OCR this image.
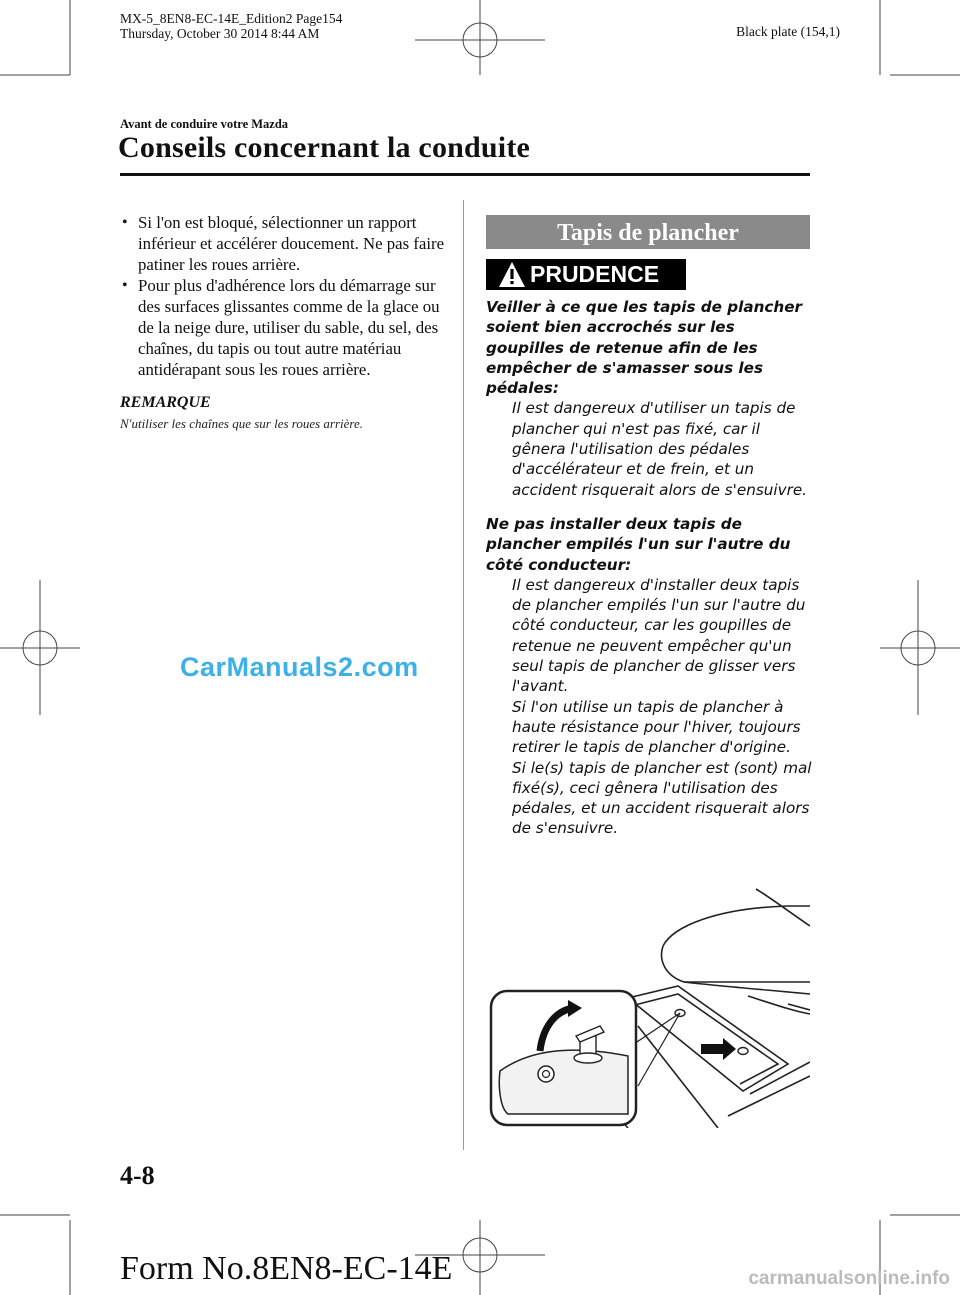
MX-5_8EN8-EC-14E_Edition2 Page154
Thursday, October 30 2014 8:44 AM	Black plate (154,1)
Avant de conduire votre Mazda
Conseils concernant la conduite
• Si l'on est bloqué, sélectionner un rapport inférieur et accélérer doucement. Ne pas faire patiner les roues arrière.
• Pour plus d'adhérence lors du démarrage sur des surfaces glissantes comme de la glace ou de la neige dure, utiliser du sable, du sel, des chaînes, du tapis ou tout autre matériau antidérapant sous les roues arrière.
REMARQUE
N'utiliser les chaînes que sur les roues arrière.
CarManuals2.com
Tapis de plancher
PRUDENCE

Veiller à ce que les tapis de plancher soient bien accrochés sur les goupilles de retenue afin de les empêcher de s'amasser sous les pédales:

Il est dangereux d'utiliser un tapis de plancher qui n'est pas fixé, car il gênera l'utilisation des pédales d'accélérateur et de frein, et un accident risquerait alors de s'ensuivre.

Ne pas installer deux tapis de plancher empilés l'un sur l'autre du côté conducteur:

Il est dangereux d'installer deux tapis de plancher empilés l'un sur l'autre du côté conducteur, car les goupilles de retenue ne peuvent empêcher qu'un seul tapis de plancher de glisser vers l'avant.

Si l'on utilise un tapis de plancher à haute résistance pour l'hiver, toujours retirer le tapis de plancher d'origine.

Si le(s) tapis de plancher est (sont) mal fixé(s), ceci gênera l'utilisation des pédales, et un accident risquerait alors de s'ensuivre.

4-8
Form No.8EN8-EC-14E	carmanualsonline.info
